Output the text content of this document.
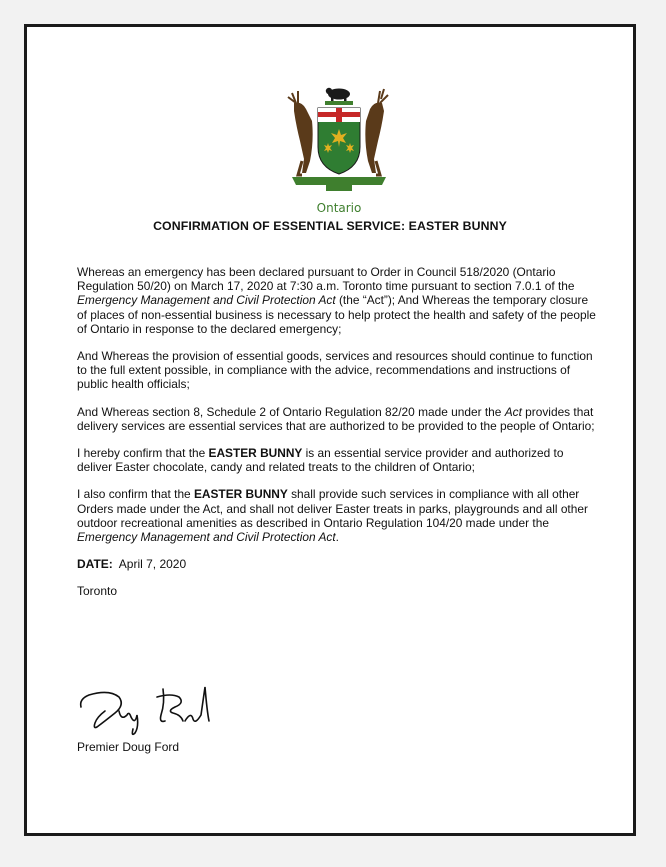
Ontario
CONFIRMATION OF ESSENTIAL SERVICE: EASTER BUNNY

Whereas an emergency has been declared pursuant to Order in Council 518/2020 (Ontario Regulation 50/20) on March 17, 2020 at 7:30 a.m. Toronto time pursuant to section 7.0.1 of the Emergency Management and Civil Protection Act (the “Act”); And Whereas the temporary closure of places of non-essential business is necessary to help protect the health and safety of the people of Ontario in response to the declared emergency;

And Whereas the provision of essential goods, services and resources should continue to function to the full extent possible, in compliance with the advice, recommendations and instructions of public health officials;

And Whereas section 8, Schedule 2 of Ontario Regulation 82/20 made under the Act provides that delivery services are essential services that are authorized to be provided to the people of Ontario;

I hereby confirm that the EASTER BUNNY is an essential service provider and authorized to deliver Easter chocolate, candy and related treats to the children of Ontario;

I also confirm that the EASTER BUNNY shall provide such services in compliance with all other Orders made under the Act, and shall not deliver Easter treats in parks, playgrounds and all other outdoor recreational amenities as described in Ontario Regulation 104/20 made under the Emergency Management and Civil Protection Act.

DATE: April 7, 2020
Toronto
Premier Doug Ford
